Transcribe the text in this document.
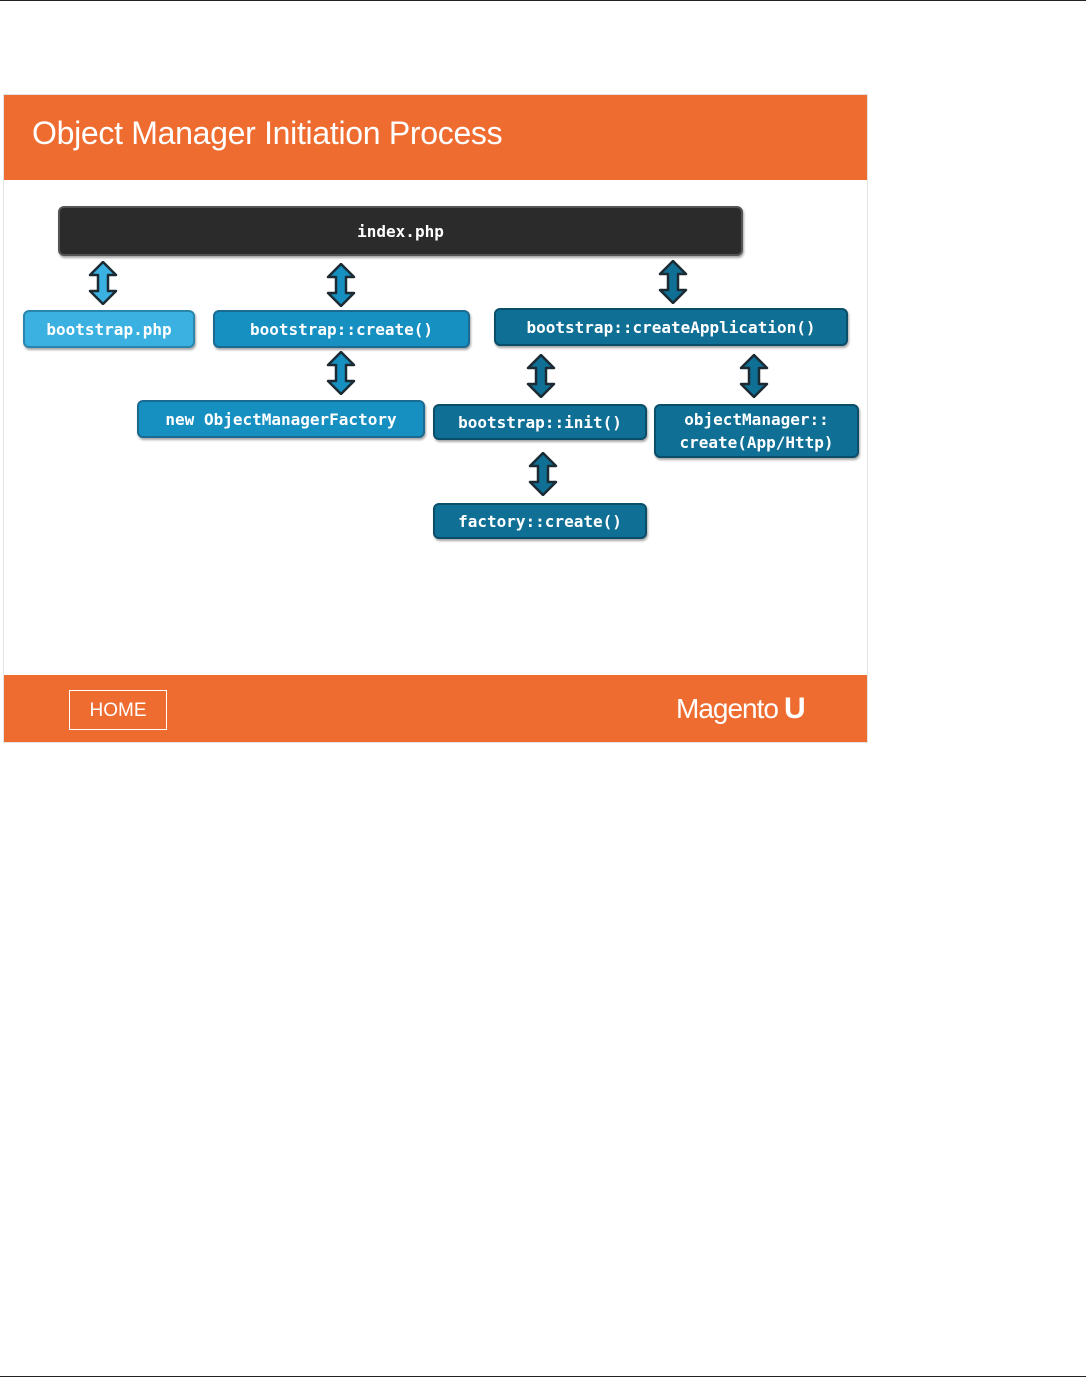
Object Manager Initiation Process
index.php
bootstrap.php	bootstrap::create()	bootstrap::createApplication()
new ObjectManagerFactory	bootstrap::init()	objectManager::
create(App/Http)
factory::create()
HOME	Magento U
